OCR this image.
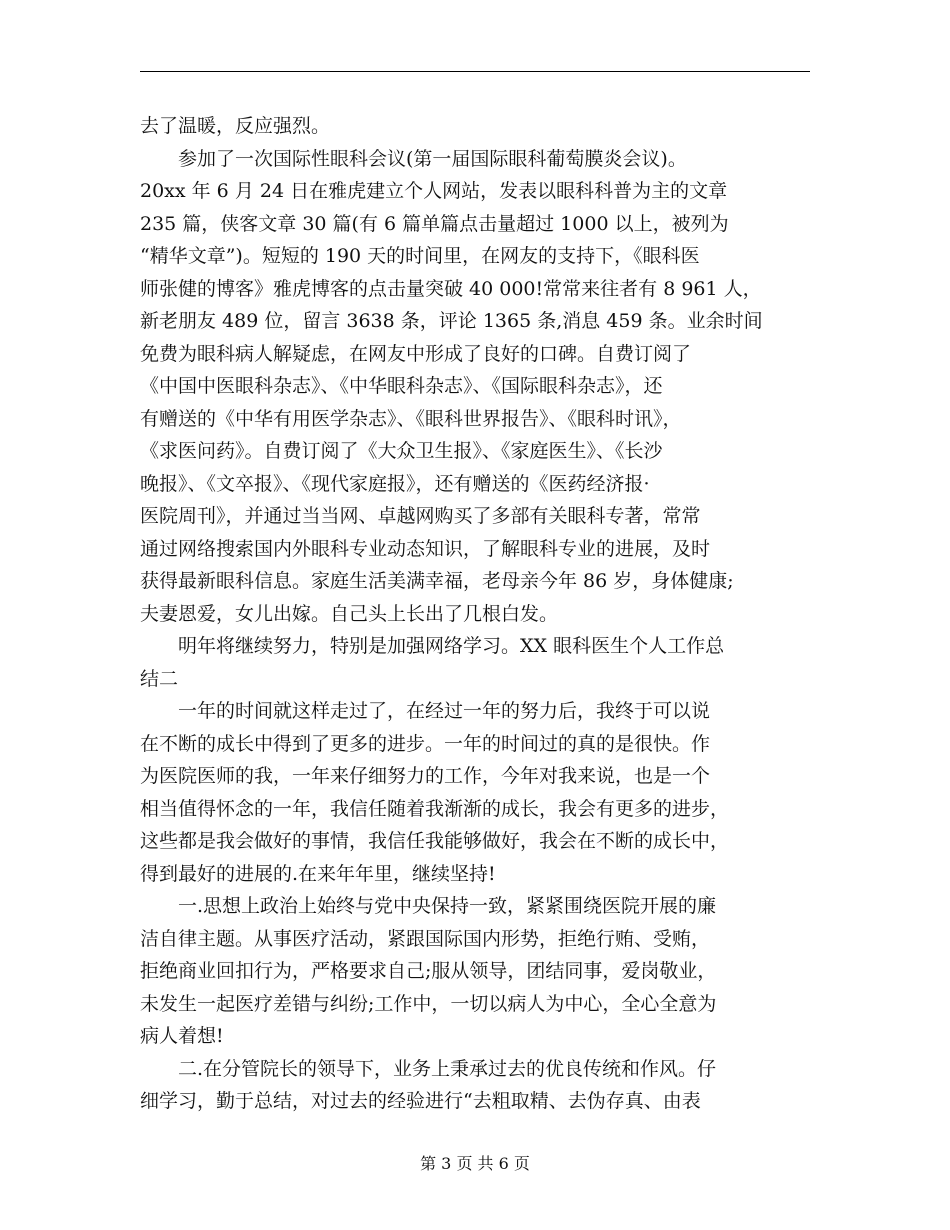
去了温暖，反应强烈。
　　参加了一次国际性眼科会议(第一届国际眼科葡萄膜炎会议)。
20xx 年 6 月 24 日在雅虎建立个人网站，发表以眼科科普为主的文章
235 篇，侠客文章 30 篇(有 6 篇单篇点击量超过 1000 以上，被列为
“精华文章”)。短短的 190 天的时间里，在网友的支持下，《眼科医
师张健的博客》雅虎博客的点击量突破 40 000!常常来往者有 8 961 人，
新老朋友 489 位，留言 3638 条，评论 1365 条,消息 459 条。业余时间
免费为眼科病人解疑虑，在网友中形成了良好的口碑。自费订阅了
《中国中医眼科杂志》、《中华眼科杂志》、《国际眼科杂志》，还
有赠送的《中华有用医学杂志》、《眼科世界报告》、《眼科时讯》，
《求医问药》。自费订阅了《大众卫生报》、《家庭医生》、《长沙
晚报》、《文卒报》、《现代家庭报》，还有赠送的《医药经济报·
医院周刊》，并通过当当网、卓越网购买了多部有关眼科专著，常常
通过网络搜索国内外眼科专业动态知识，了解眼科专业的进展，及时
获得最新眼科信息。家庭生活美满幸福，老母亲今年 86 岁，身体健康;
夫妻恩爱，女儿出嫁。自己头上长出了几根白发。
　　明年将继续努力，特别是加强网络学习。XX 眼科医生个人工作总
结二
　　一年的时间就这样走过了，在经过一年的努力后，我终于可以说
在不断的成长中得到了更多的进步。一年的时间过的真的是很快。作
为医院医师的我，一年来仔细努力的工作，今年对我来说，也是一个
相当值得怀念的一年，我信任随着我渐渐的成长，我会有更多的进步，
这些都是我会做好的事情，我信任我能够做好，我会在不断的成长中，
得到最好的进展的.在来年年里，继续坚持!
　　一.思想上政治上始终与党中央保持一致，紧紧围绕医院开展的廉
洁自律主题。从事医疗活动，紧跟国际国内形势，拒绝行贿、受贿，
拒绝商业回扣行为，严格要求自己;服从领导，团结同事，爱岗敬业，
未发生一起医疗差错与纠纷;工作中，一切以病人为中心，全心全意为
病人着想!
　　二.在分管院长的领导下，业务上秉承过去的优良传统和作风。仔
细学习，勤于总结，对过去的经验进行“去粗取精、去伪存真、由表
第 3 页 共 6 页
